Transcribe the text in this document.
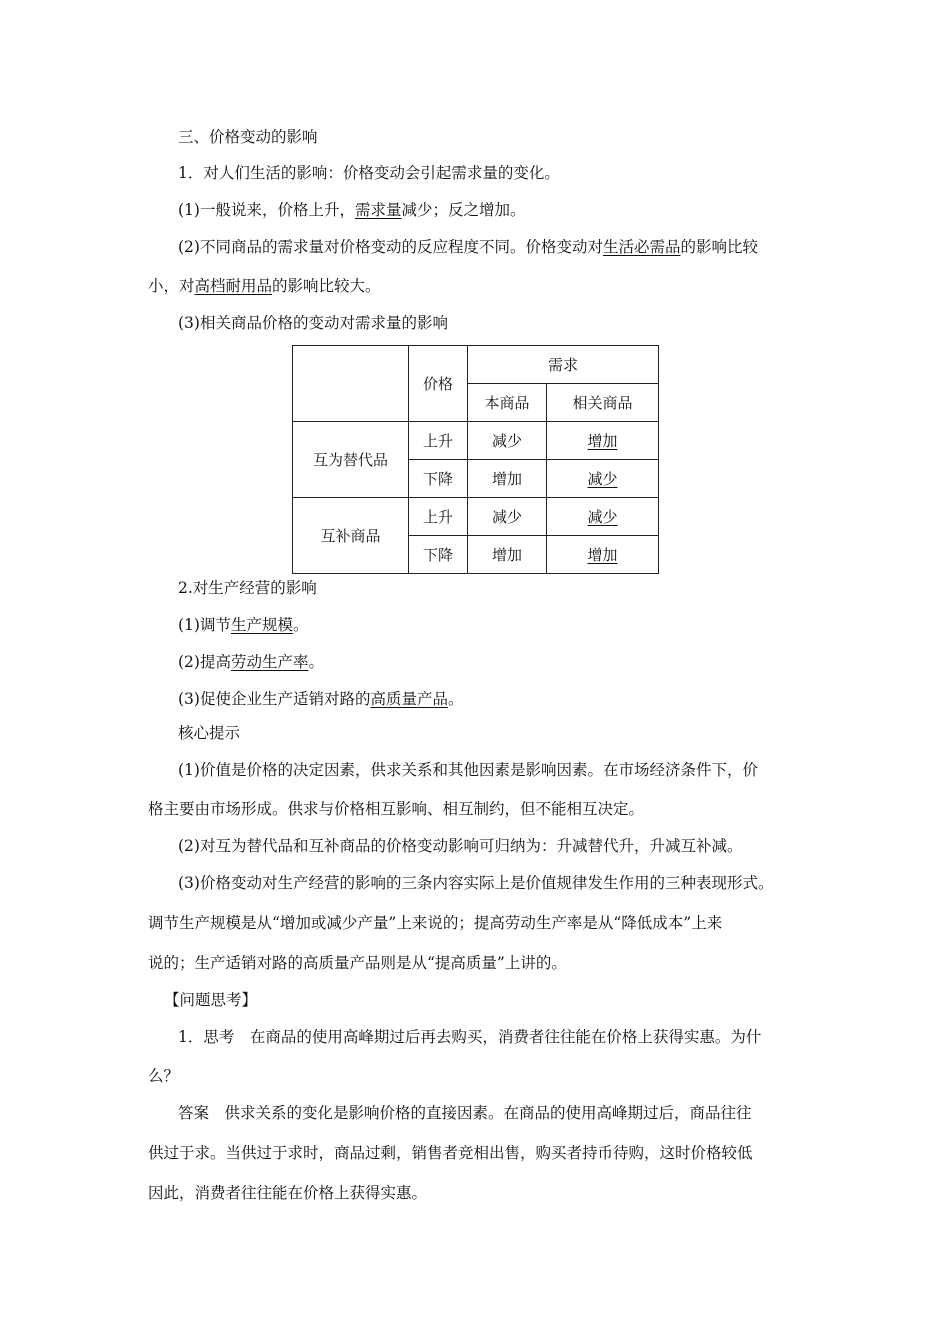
三、价格变动的影响
1．对人们生活的影响：价格变动会引起需求量的变化。
(1)一般说来，价格上升，需求量减少；反之增加。
(2)不同商品的需求量对价格变动的反应程度不同。价格变动对生活必需品的影响比较
小，对高档耐用品的影响比较大。
(3)相关商品价格的变动对需求量的影响
	价格	需求	
		本商品	相关商品
互为替代品	上升	减少	增加
	下降	增加	减少
互补商品	上升	减少	减少
	下降	增加	增加
2.对生产经营的影响
(1)调节生产规模。
(2)提高劳动生产率。
(3)促使企业生产适销对路的高质量产品。
核心提示
(1)价值是价格的决定因素，供求关系和其他因素是影响因素。在市场经济条件下，价
格主要由市场形成。供求与价格相互影响、相互制约，但不能相互决定。
(2)对互为替代品和互补商品的价格变动影响可归纳为：升减替代升，升减互补减。
(3)价格变动对生产经营的影响的三条内容实际上是价值规律发生作用的三种表现形式。
调节生产规模是从“增加或减少产量”上来说的；提高劳动生产率是从“降低成本”上来
说的；生产适销对路的高质量产品则是从“提高质量”上讲的。
【问题思考】
1．思考　在商品的使用高峰期过后再去购买，消费者往往能在价格上获得实惠。为什
么？
答案　供求关系的变化是影响价格的直接因素。在商品的使用高峰期过后，商品往往
供过于求。当供过于求时，商品过剩，销售者竞相出售，购买者持币待购，这时价格较低
因此，消费者往往能在价格上获得实惠。
